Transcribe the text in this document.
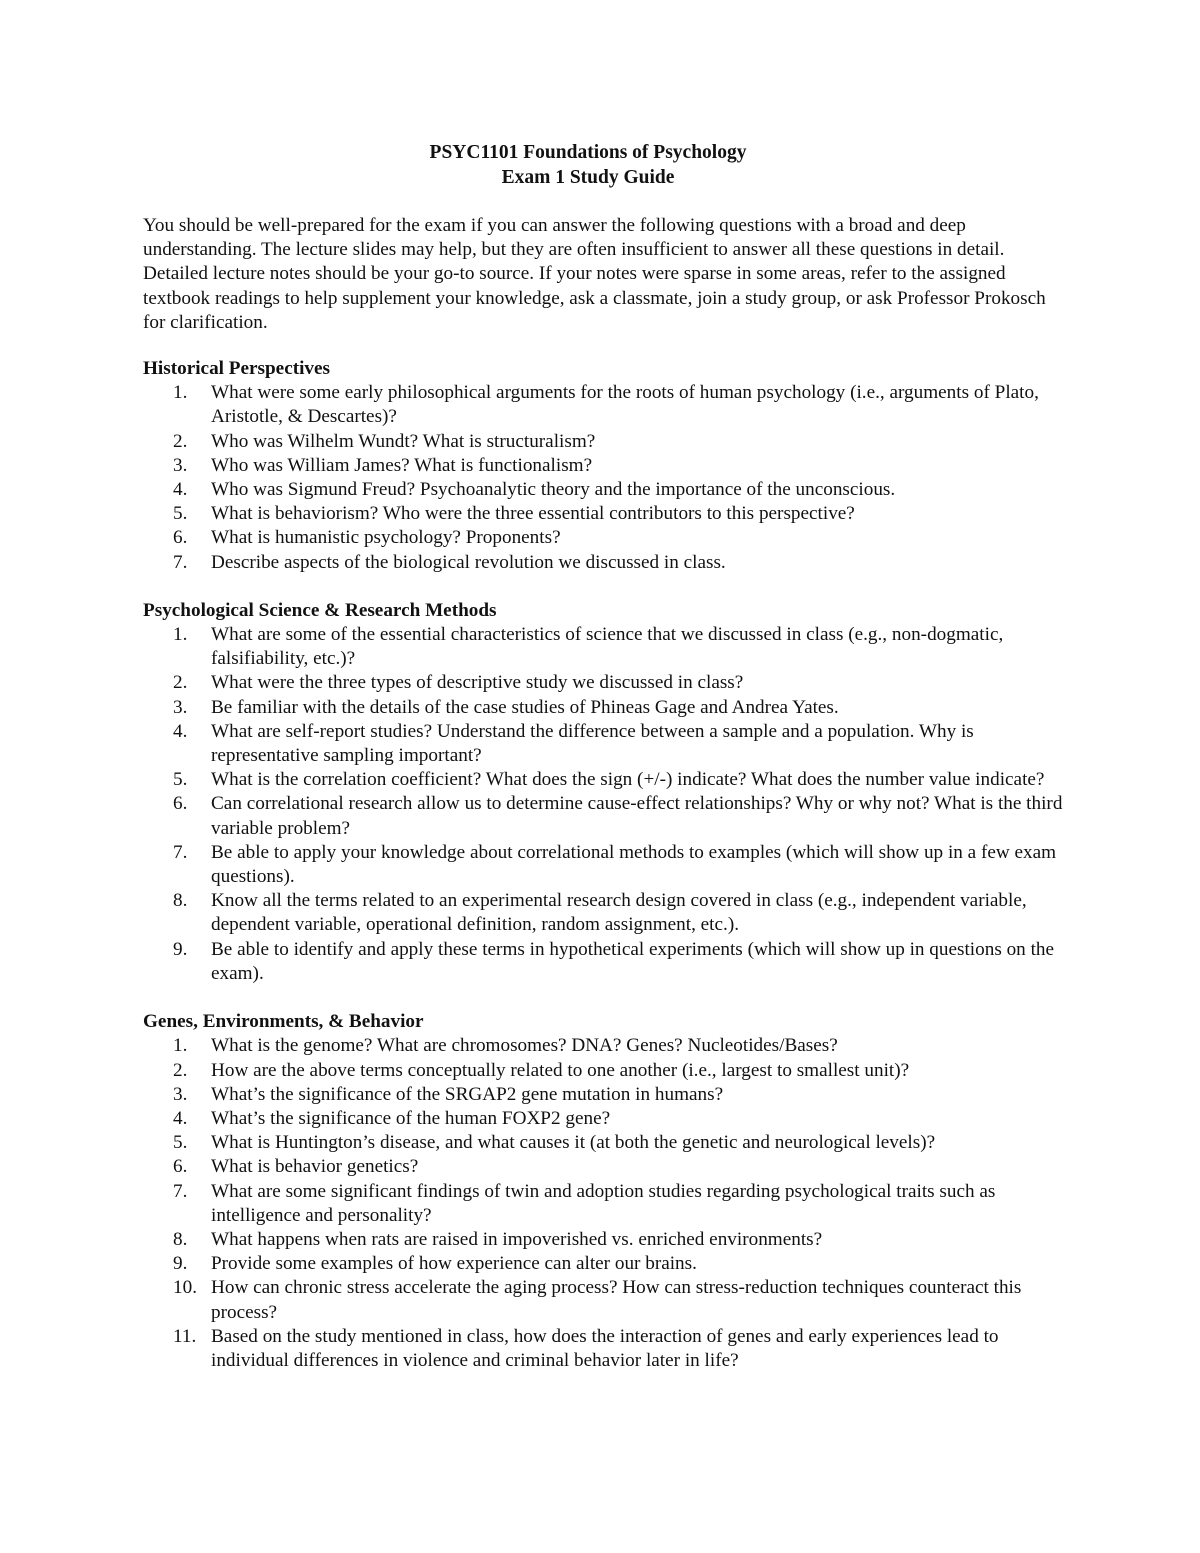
PSYC1101 Foundations of Psychology
Exam 1 Study Guide

You should be well-prepared for the exam if you can answer the following questions with a broad and deep understanding. The lecture slides may help, but they are often insufficient to answer all these questions in detail. Detailed lecture notes should be your go-to source. If your notes were sparse in some areas, refer to the assigned textbook readings to help supplement your knowledge, ask a classmate, join a study group, or ask Professor Prokosch for clarification.

Historical Perspectives
1.	What were some early philosophical arguments for the roots of human psychology (i.e., arguments of Plato, Aristotle, & Descartes)?
2.	Who was Wilhelm Wundt? What is structuralism?
3.	Who was William James? What is functionalism?
4.	Who was Sigmund Freud? Psychoanalytic theory and the importance of the unconscious.
5.	What is behaviorism? Who were the three essential contributors to this perspective?
6.	What is humanistic psychology? Proponents?
7.	Describe aspects of the biological revolution we discussed in class.
Psychological Science & Research Methods
1.	What are some of the essential characteristics of science that we discussed in class (e.g., non-dogmatic, falsifiability, etc.)?
2.	What were the three types of descriptive study we discussed in class?
3.	Be familiar with the details of the case studies of Phineas Gage and Andrea Yates.
4.	What are self-report studies? Understand the difference between a sample and a population. Why is representative sampling important?
5.	What is the correlation coefficient? What does the sign (+/-) indicate? What does the number value indicate?
6.	Can correlational research allow us to determine cause-effect relationships? Why or why not? What is the third variable problem?
7.	Be able to apply your knowledge about correlational methods to examples (which will show up in a few exam questions).
8.	Know all the terms related to an experimental research design covered in class (e.g., independent variable, dependent variable, operational definition, random assignment, etc.).
9.	Be able to identify and apply these terms in hypothetical experiments (which will show up in questions on the exam).
Genes, Environments, & Behavior
1.	What is the genome? What are chromosomes? DNA? Genes? Nucleotides/Bases?
2.	How are the above terms conceptually related to one another (i.e., largest to smallest unit)?
3.	What’s the significance of the SRGAP2 gene mutation in humans?
4.	What’s the significance of the human FOXP2 gene?
5.	What is Huntington’s disease, and what causes it (at both the genetic and neurological levels)?
6.	What is behavior genetics?
7.	What are some significant findings of twin and adoption studies regarding psychological traits such as intelligence and personality?
8.	What happens when rats are raised in impoverished vs. enriched environments?
9.	Provide some examples of how experience can alter our brains.
10. How can chronic stress accelerate the aging process? How can stress-reduction techniques counteract this process?
11. Based on the study mentioned in class, how does the interaction of genes and early experiences lead to individual differences in violence and criminal behavior later in life?
